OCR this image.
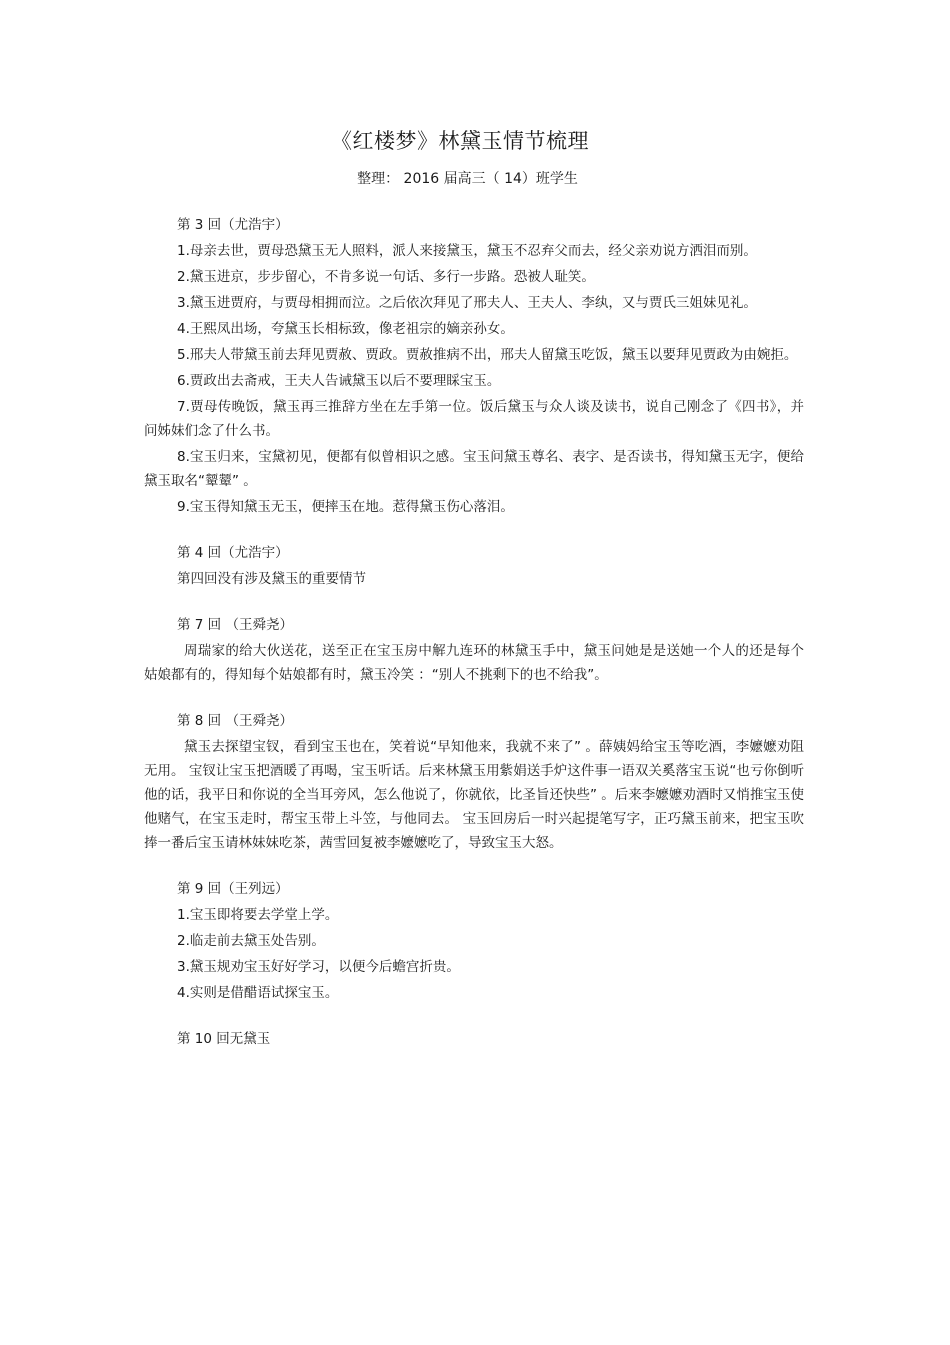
《红楼梦》林黛玉情节梳理
整理： 2016 届高三（ 14）班学生

第 3 回（尤浩宇）

1.母亲去世，贾母恐黛玉无人照料，派人来接黛玉，黛玉不忍弃父而去，经父亲劝说方洒泪而别。

2.黛玉进京，步步留心，不肯多说一句话、多行一步路。恐被人耻笑。

3.黛玉进贾府，与贾母相拥而泣。之后依次拜见了邢夫人、王夫人、李纨，又与贾氏三姐妹见礼。

4.王熙凤出场，夸黛玉长相标致，像老祖宗的嫡亲孙女。

5.邢夫人带黛玉前去拜见贾赦、贾政。贾赦推病不出，邢夫人留黛玉吃饭，黛玉以要拜见贾政为由婉拒。

6.贾政出去斋戒，王夫人告诫黛玉以后不要理睬宝玉。

7.贾母传晚饭，黛玉再三推辞方坐在左手第一位。饭后黛玉与众人谈及读书，说自己刚念了《四书》，并问姊妹们念了什么书。

8.宝玉归来，宝黛初见，便都有似曾相识之感。宝玉问黛玉尊名、表字、是否读书，得知黛玉无字，便给黛玉取名“颦颦” 。

9.宝玉得知黛玉无玉，便摔玉在地。惹得黛玉伤心落泪。

第 4 回（尤浩宇）

第四回没有涉及黛玉的重要情节

第 7 回 （王舜尧）

周瑞家的给大伙送花，送至正在宝玉房中解九连环的林黛玉手中，黛玉问她是是送她一个人的还是每个姑娘都有的，得知每个姑娘都有时，黛玉冷笑 ：“别人不挑剩下的也不给我”。

第 8 回 （王舜尧）

黛玉去探望宝钗，看到宝玉也在，笑着说“早知他来，我就不来了” 。薛姨妈给宝玉等吃酒，李嬷嬷劝阻无用。 宝钗让宝玉把酒暖了再喝，宝玉听话。后来林黛玉用紫娟送手炉这件事一语双关奚落宝玉说“也亏你倒听他的话，我平日和你说的全当耳旁风，怎么他说了，你就依，比圣旨还快些” 。后来李嬷嬷劝酒时又悄推宝玉使他赌气，在宝玉走时，帮宝玉带上斗笠，与他同去。 宝玉回房后一时兴起提笔写字，正巧黛玉前来，把宝玉吹捧一番后宝玉请林妹妹吃茶，茜雪回复被李嬷嬷吃了，导致宝玉大怒。

第 9 回（王列远）

1.宝玉即将要去学堂上学。

2.临走前去黛玉处告别。

3.黛玉规劝宝玉好好学习，以便今后蟾宫折贵。

4.实则是借醋语试探宝玉。

第 10 回无黛玉
